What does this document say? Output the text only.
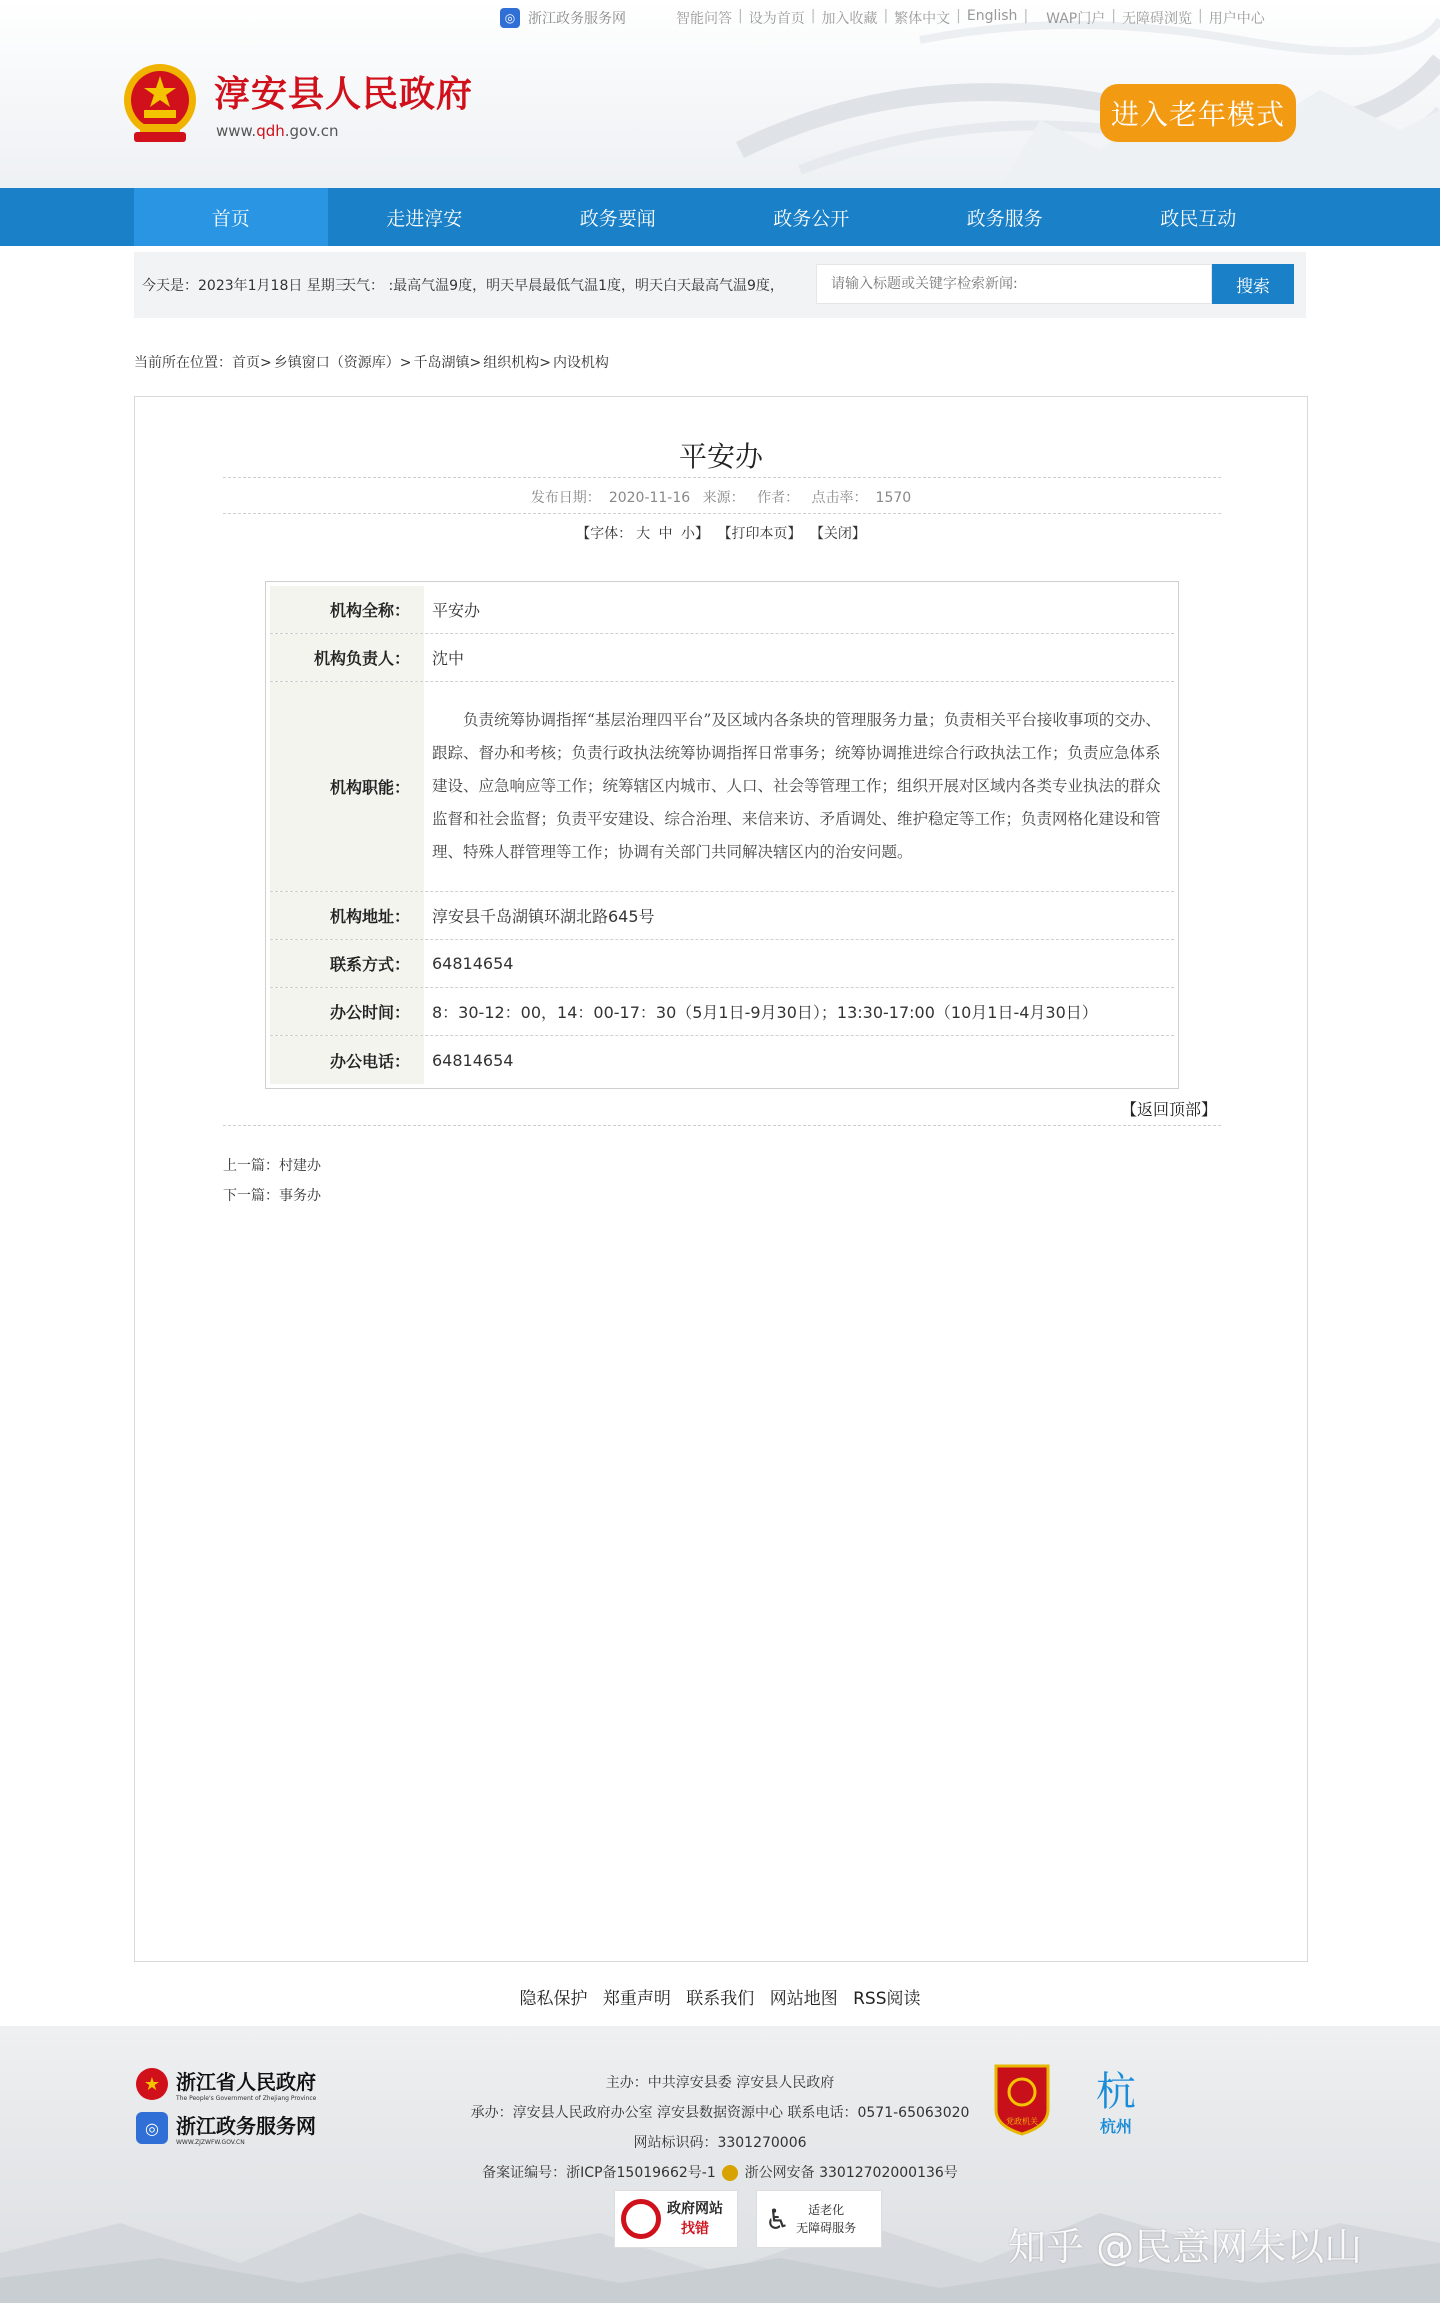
◎ 浙江政务服务网	智能问答 | 设为首页 | 加入收藏 | 繁体中文 | English | WAP门户 | 无障碍浏览 | 用户中心
淳安县人民政府
www.qdh.gov.cn	进入老年模式
首页	走进淳安	政务要闻	政务公开	政务服务	政民互动
今天是：2023年1月18日 星期三
天气： :最高气温9度，明天早晨最低气温1度，明天白天最高气温9度，
请输入标题或关键字检索新闻:	搜索
当前所在位置： 首页> 乡镇窗口（资源库）> 千岛湖镇> 组织机构> 内设机构
平安办
发布日期： 2020-11-16 来源： 作者： 点击率： 1570
【字体： 大 中 小】 【打印本页】 【关闭】
机构全称：	平安办
机构负责人：	沈中
机构职能：

负责统筹协调指挥“基层治理四平台”及区域内各条块的管理服务力量；负责相关平台接收事项的交办、跟踪、督办和考核；负责行政执法统筹协调指挥日常事务；统筹协调推进综合行政执法工作；负责应急体系建设、应急响应等工作；统筹辖区内城市、人口、社会等管理工作；组织开展对区域内各类专业执法的群众监督和社会监督；负责平安建设、综合治理、来信来访、矛盾调处、维护稳定等工作；负责网格化建设和管理、特殊人群管理等工作；协调有关部门共同解决辖区内的治安问题。

机构地址：	淳安县千岛湖镇环湖北路645号
联系方式：	64814654
办公时间：	8：30-12：00，14：00-17：30（5月1日-9月30日）；13:30-17:00（10月1日-4月30日）
办公电话：	64814654
【返回顶部】
上一篇：村建办
下一篇：事务办
隐私保护 郑重声明 联系我们 网站地图 RSS阅读
★ 浙江省人民政府
The People's Government of Zhejiang Province
◎ 浙江政务服务网
WWW.ZJZWFW.GOV.CN
主办：中共淳安县委 淳安县人民政府
承办：淳安县人民政府办公室 淳安县数据资源中心 联系电话：0571-65063020
网站标识码：3301270006
备案证编号：浙ICP备15019662号-1 浙公网安备 33012702000136号
政府网站
找错	♿	适老化
无障碍服务
党政机关
杭
杭州
知乎 @民意网朱以山
